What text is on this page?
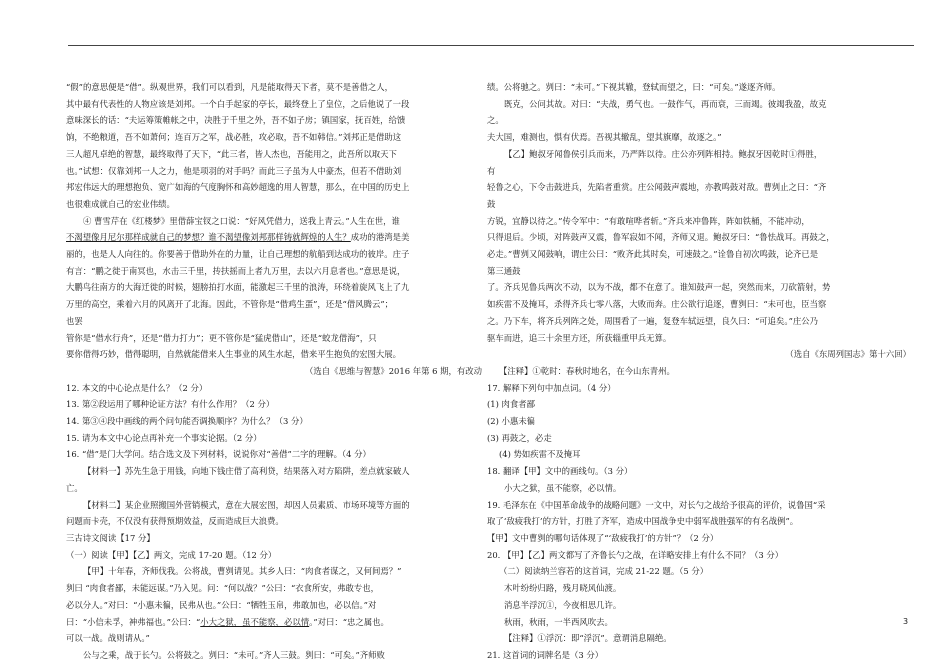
“假”的意思便是“借”。纵观世界，我们可以看到，凡是能取得天下者，莫不是善借之人，

其中最有代表性的人物应该是刘邦。一个白手起家的亭长，最终登上了皇位，之后他说了一段

意味深长的话：“夫运筹策帷帐之中，决胜于千里之外，吾不如子房；镇国家，抚百姓，给馈

饷，不绝粮道，吾不如萧何；连百万之军，战必胜，攻必取，吾不如韩信。”刘邦正是借助这

三人超凡卓绝的智慧，最终取得了天下，“此三者，皆人杰也，吾能用之，此吾所以取天下

也。”试想：仅靠刘邦一人之力，他是项羽的对手吗？而此三子虽为人中豪杰，但若不借助刘

邦宏伟远大的理想抱负、宽广如海的气度胸怀和高妙超逸的用人智慧，那么，在中国的历史上

也很难成就自己的宏业伟绩。

④ 曹雪芹在《红楼梦》里借薛宝钗之口说：“好风凭借力，送我上青云。”人生在世，谁

不渴望像月尼尔那样成就自己的梦想？谁不渴望像刘邦那样铸就辉煌的人生？成功的港湾是美

丽的，也是人人向往的。你要善于借助外在的力量，让自己理想的航船到达成功的彼岸。庄子

有言：“鹏之徙于南冥也，水击三千里，抟扶摇而上者九万里，去以六月息者也。”意思是说，

大鹏鸟往南方的大海迁徙的时候，翅膀拍打水面，能激起三千里的浪涛，环绕着旋风飞上了九

万里的高空，乘着六月的风离开了北海。因此，不管你是“借鸡生蛋”，还是“借风腾云”；

也罢

管你是“借水行舟”，还是“借力打力”；更不管你是“猛虎借山”，还是“蛟龙借海”，只

要你借得巧妙，借得聪明，自然就能借来人生事业的风生水起，借来平生抱负的宏图大展。

（选自《思维与智慧》2016 年第 6 期，有改动

12. 本文的中心论点是什么？（2 分）

13. 第②段运用了哪种论证方法？有什么作用？（2 分）

14. 第③④段中画线的两个问句能否调换顺序？为什么？（3 分）

15. 请为本文中心论点再补充一个事实论据。（2 分）

16. “借”是门大学问。结合选文及下列材料，说说你对“善借”二字的理解。（4 分）

【材料一】苏先生急于用钱，向地下钱庄借了高利贷，结果落入对方陷阱，差点就家破人

亡。

【材料二】某企业照搬国外营销模式，意在大展宏图，却因人员素质、市场环境等方面的

问题而卡壳，不仅没有获得预期效益，反而造成巨大浪费。

三古诗文阅读【17 分】

（一）阅读【甲】【乙】两文，完成 17-20 题。（12 分）

【甲】十年春，齐师伐我。公将战，曹刿请见。其乡人曰：“肉食者谋之，又何间焉？”

刿曰 “肉食者鄙，未能远谋。”乃入见。问：“何以战？”公曰：“衣食所安，弗敢专也，

必以分人。”对曰：“小惠未徧，民弗从也。”公曰：“牺牲玉帛，弗敢加也，必以信。”对

曰：“小信未孚，神弗福也。”公曰：“小大之狱，虽不能察，必以情。”对曰：“忠之属也。

可以一战。战则请从。”

公与之乘，战于长勺。公将鼓之。刿曰：“未可。”齐人三鼓。刿曰：“可矣。”齐师败

绩。公将驰之。刿曰：“未可。”下视其辙，登轼而望之，曰：“可矣。”遂逐齐师。

既克，公问其故。对曰：“夫战，勇气也。一鼓作气，再而衰，三而竭。彼竭我盈，故克

之。

夫大国，难测也，惧有伏焉。吾视其辙乱，望其旗靡，故逐之。”

【乙】鲍叔牙闻鲁侯引兵而来，乃严阵以待。庄公亦列阵相持。鲍叔牙因乾时①得胜，

有

轻鲁之心，下令击鼓进兵，先陷者重赏。庄公闻鼓声震地，亦教鸣鼓对敌。曹刿止之曰：“齐

鼓

方锐，宜静以待之。”传令军中：“有敢喧哗者斩。”齐兵来冲鲁阵，阵如铁桶，不能冲动，

只得退后。少顷，对阵鼓声又震，鲁军寂如不闻，齐师又退。鲍叔牙曰：“鲁怯战耳。再鼓之，

必走。”曹刿又闻鼓响，谓庄公曰：“败齐此其时矣，可速鼓之。”诠鲁自初次鸣鼓，论齐已是

第三通鼓

了。齐兵见鲁兵两次不动，以为不战，都不在意了。谁知鼓声一起，突然而来，刀砍箭射，势

如疾雷不及掩耳，杀得齐兵七零八落，大败而奔。庄公欲行追逐，曹刿曰：“未可也，臣当察

之。乃下车，将齐兵列阵之处，周围看了一遍，复登车轼远望，良久曰：“可追矣。”庄公乃

驱车而进，追三十余里方还，所获辎重甲兵无算。

（选自《东周列国志》第十六回）

【注释】①乾时：春秋时地名，在今山东青州。

17. 解释下列句中加点词。（4 分）

(1) 肉食者鄙

(2) 小惠未徧

(3) 再鼓之，必走

(4) 势如疾雷不及掩耳

18. 翻译【甲】文中的画线句。（3 分）

小大之狱，虽不能察，必以情。

19. 毛泽东在《中国革命战争的战略问题》一文中，对长勺之战给予很高的评价，说鲁国“采

取了‘敌疲我打’的方针，打胜了齐军，造成中国战争史中弱军战胜强军的有名战例”。

【甲】文中曹刿的哪句话体现了“‘敌疲我打’的方针”？（2 分）

20. 【甲】【乙】两文都写了齐鲁长勺之战，在详略安排上有什么不同？（3 分）

（二）阅读纳兰容若的这首词，完成 21-22 题。（5 分）

木叶纷纷归路，残月晓风仙渡。

消息半浮沉①，今夜相思几许。

秋雨，秋雨，一半西风吹去。

【注释】①浮沉：即“浮沉”。意谓消息隔绝。

21. 这首词的词牌名是（3 分）

3
